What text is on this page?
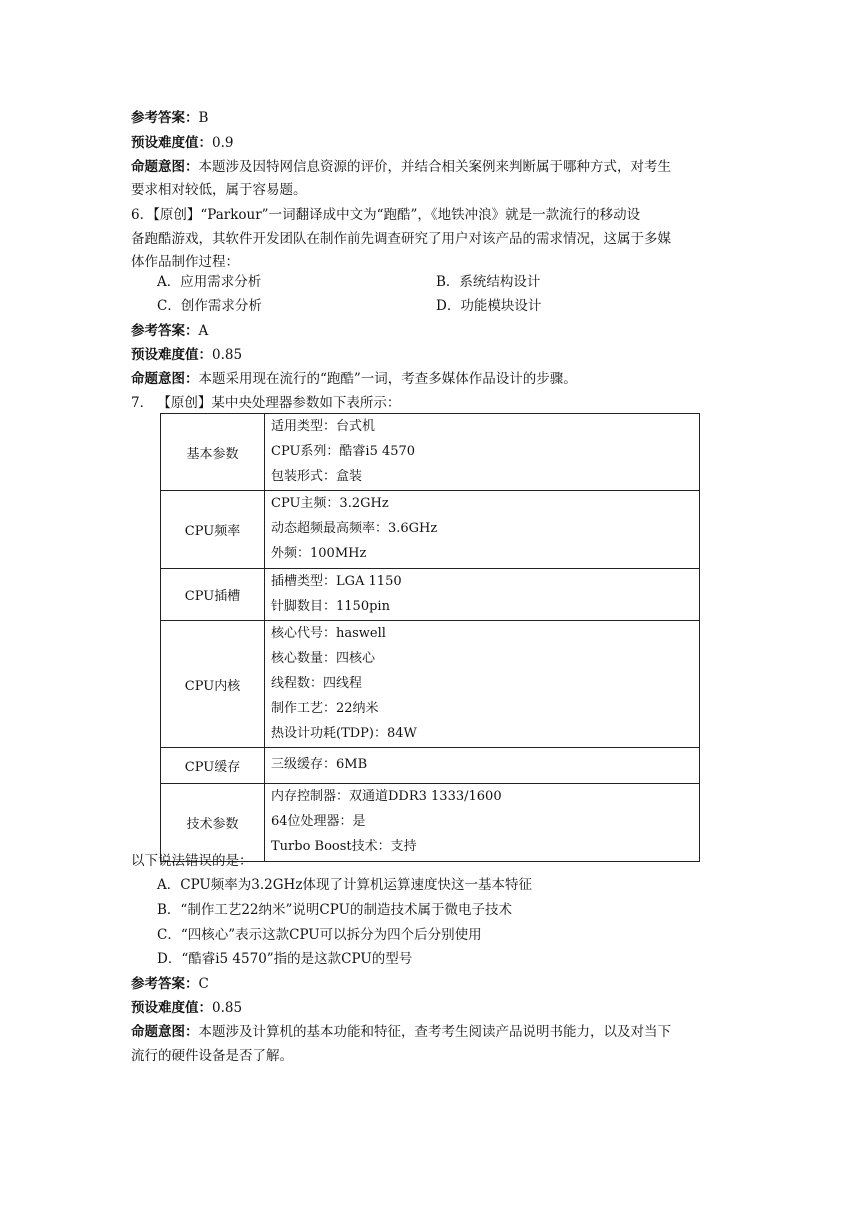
参考答案：B
预设难度值：0.9
命题意图：本题涉及因特网信息资源的评价，并结合相关案例来判断属于哪种方式，对考生
要求相对较低，属于容易题。
6．【原创】“Parkour”一词翻译成中文为“跑酷”，《地铁冲浪》就是一款流行的移动设
备跑酷游戏，其软件开发团队在制作前先调查研究了用户对该产品的需求情况，这属于多媒
体作品制作过程：
A．应用需求分析	B．系统结构设计
C．创作需求分析	D．功能模块设计
参考答案：A
预设难度值：0.85
命题意图：本题采用现在流行的“跑酷”一词，考查多媒体作品设计的步骤。
7． 【原创】某中央处理器参数如下表所示：
基本参数	适用类型：台式机
CPU系列：酷睿i5 4570
包装形式：盒装

CPU频率	CPU主频：3.2GHz
动态超频最高频率：3.6GHz
外频：100MHz

CPU插槽	插槽类型：LGA 1150
针脚数目：1150pin

CPU内核	核心代号：haswell
核心数量：四核心
线程数：四线程
制作工艺：22纳米
热设计功耗(TDP)：84W

CPU缓存	三级缓存：6MB

技术参数	内存控制器：双通道DDR3 1333/1600
64位处理器：是
Turbo Boost技术：支持
以下说法错误的是：
A．CPU频率为3.2GHz体现了计算机运算速度快这一基本特征
B．“制作工艺22纳米”说明CPU的制造技术属于微电子技术
C．“四核心”表示这款CPU可以拆分为四个后分别使用
D．“酷睿i5 4570”指的是这款CPU的型号
参考答案：C
预设难度值：0.85
命题意图：本题涉及计算机的基本功能和特征，查考考生阅读产品说明书能力，以及对当下
流行的硬件设备是否了解。
